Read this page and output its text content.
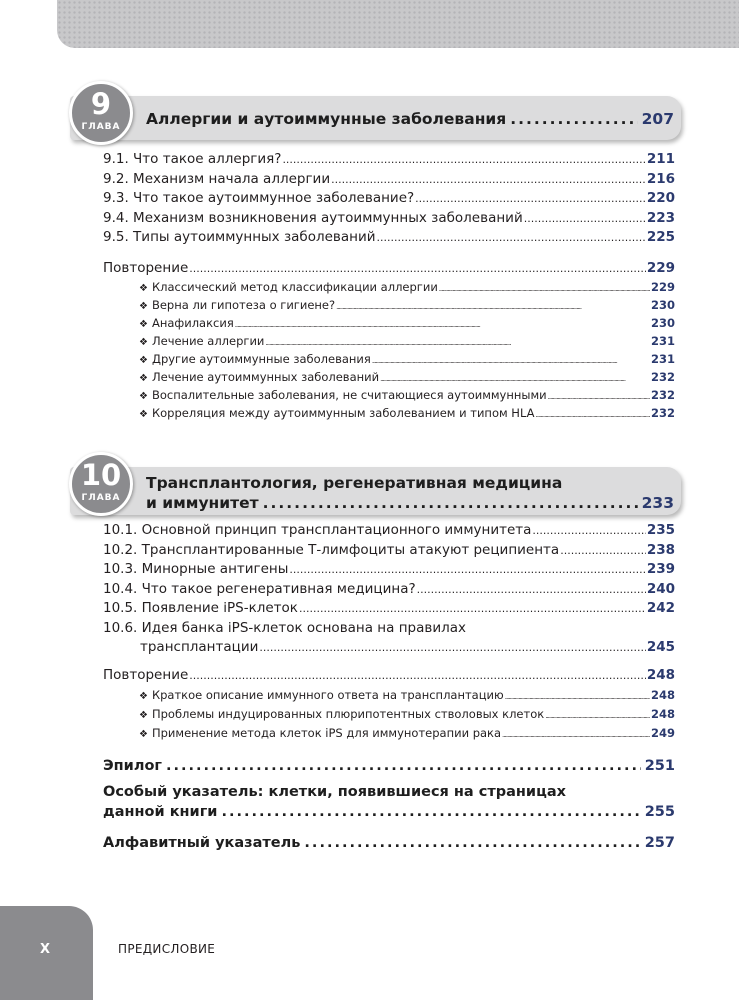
9
ГЛАВА	Аллергии и аутоиммунные заболевания .....	207
9.1. Что такое аллергия? .....	211
9.2. Механизм начала аллергии .....	216
9.3. Что такое аутоиммунное заболевание? .....	220
9.4. Механизм возникновения аутоиммунных заболеваний .....	223
9.5. Типы аутоиммунных заболеваний .....	225
Повторение .....	229
❖ Классический метод классификации аллергии .....	229
❖ Верна ли гипотеза о гигиене? .....	230
❖ Анафилаксия .....	230
❖ Лечение аллергии .....	231
❖ Другие аутоиммунные заболевания .....	231
❖ Лечение аутоиммунных заболеваний .....	232
❖ Воспалительные заболевания, не считающиеся аутоиммунными .....	232
❖ Корреляция между аутоиммунным заболеванием и типом HLA .....	232
10
ГЛАВА
Трансплантология, регенеративная медицина
и иммунитет .....	233
10.1. Основной принцип трансплантационного иммунитета .....	235
10.2. Трансплантированные Т-лимфоциты атакуют реципиента .....	238
10.3. Минорные антигены .....	239
10.4. Что такое регенеративная медицина? .....	240
10.5. Появление iPS-клеток .....	242
10.6. Идея банка iPS-клеток основана на правилах
трансплантации .....	245
Повторение .....	248
❖ Краткое описание иммунного ответа на трансплантацию .....	248
❖ Проблемы индуцированных плюрипотентных стволовых клеток .....	248
❖ Применение метода клеток iPS для иммунотерапии рака .....	249
Эпилог .....	251
Особый указатель: клетки, появившиеся на страницах
данной книги .....	255
Алфавитный указатель .....	257
X	ПРЕДИСЛОВИЕ
